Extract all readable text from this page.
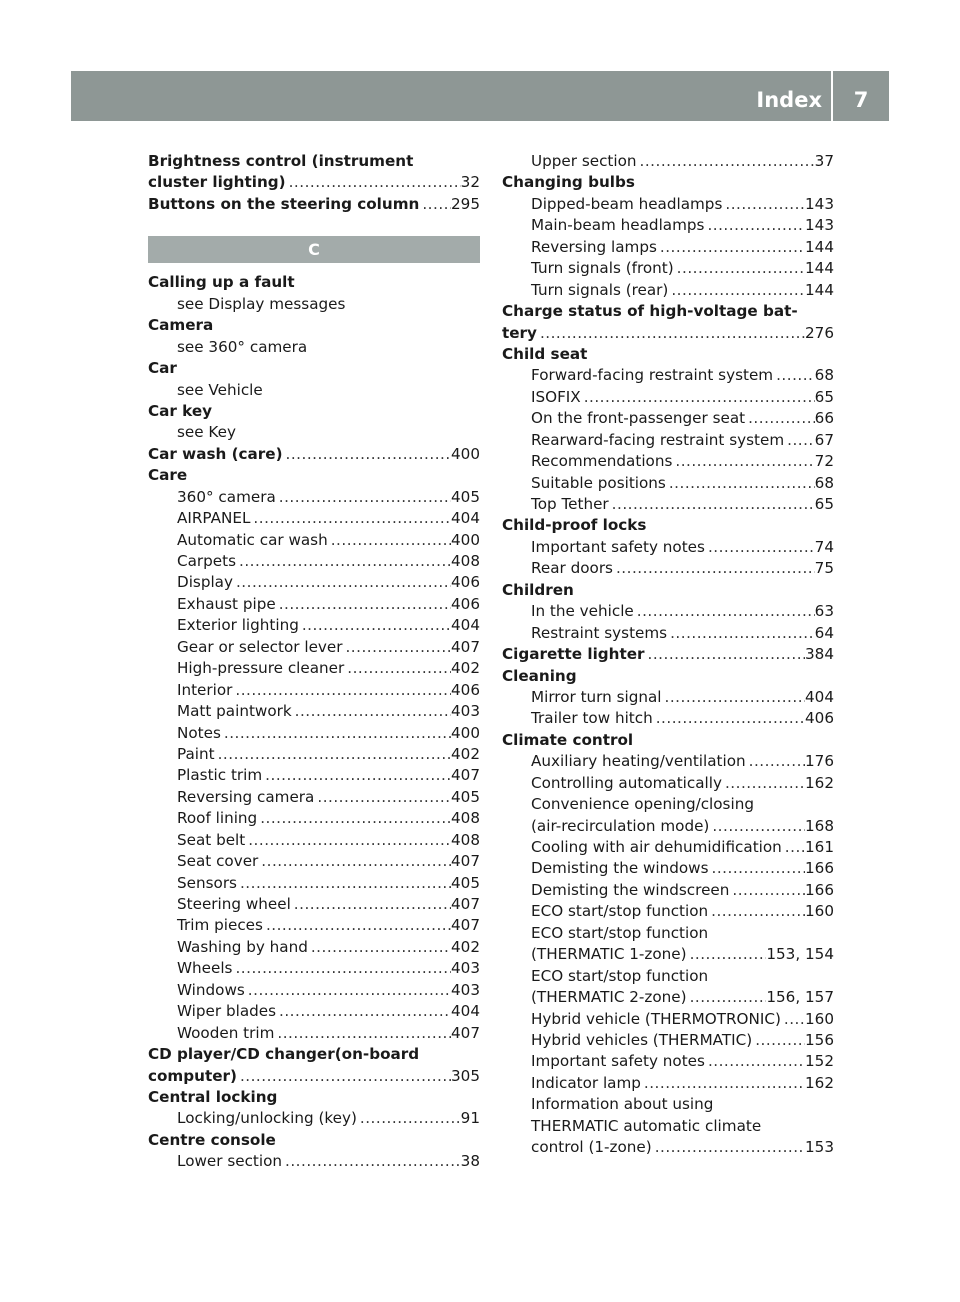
Index	7
Brightness control (instrument
cluster lighting) .....	32
Buttons on the steering column ..... 295
C
Calling up a fault
see Display messages
Camera
see 360° camera
Car
see Vehicle
Car key
see Key
Car wash (care) .....	400
Care
360° camera .....	405
AIRPANEL .....	404
Automatic car wash .....	400
Carpets .....	408
Display .....	406
Exhaust pipe .....	406
Exterior lighting .....	404
Gear or selector lever .....	407
High-pressure cleaner .....	402
Interior .....	406
Matt paintwork .....	403
Notes .....	400
Paint .....	402
Plastic trim .....	407
Reversing camera .....	405
Roof lining .....	408
Seat belt .....	408
Seat cover .....	407
Sensors .....	405
Steering wheel .....	407
Trim pieces .....	407
Washing by hand .....	402
Wheels .....	403
Windows .....	403
Wiper blades .....	404
Wooden trim .....	407
CD player/CD changer(on-board
computer) .....	305
Central locking
Locking/unlocking (key) .....	91
Centre console
Lower section .....	38
Upper section .....	37
Changing bulbs
Dipped-beam headlamps .....	143
Main-beam headlamps .....	143
Reversing lamps .....	144
Turn signals (front) .....	144
Turn signals (rear) .....	144
Charge status of high-voltage bat-
tery .....	276
Child seat
Forward-facing restraint system .....	68
ISOFIX .....	65
On the front-passenger seat .....	66
Rearward-facing restraint system ..... 67
Recommendations .....	72
Suitable positions .....	68
Top Tether .....	65
Child-proof locks
Important safety notes .....	74
Rear doors .....	75
Children
In the vehicle .....	63
Restraint systems .....	64
Cigarette lighter .....	384
Cleaning
Mirror turn signal .....	404
Trailer tow hitch .....	406
Climate control
Auxiliary heating/ventilation .....	176
Controlling automatically .....	162
Convenience opening/closing
(air-recirculation mode) .....	168
Cooling with air dehumidification ..... 161
Demisting the windows .....	166
Demisting the windscreen .....	166
ECO start/stop function .....	160
ECO start/stop function
(THERMATIC 1-zone) .....	153, 154
ECO start/stop function
(THERMATIC 2-zone) .....	156, 157
Hybrid vehicle (THERMOTRONIC) ..... 160
Hybrid vehicles (THERMATIC) .....	156
Important safety notes .....	152
Indicator lamp .....	162
Information about using
THERMATIC automatic climate
control (1-zone) .....	153
